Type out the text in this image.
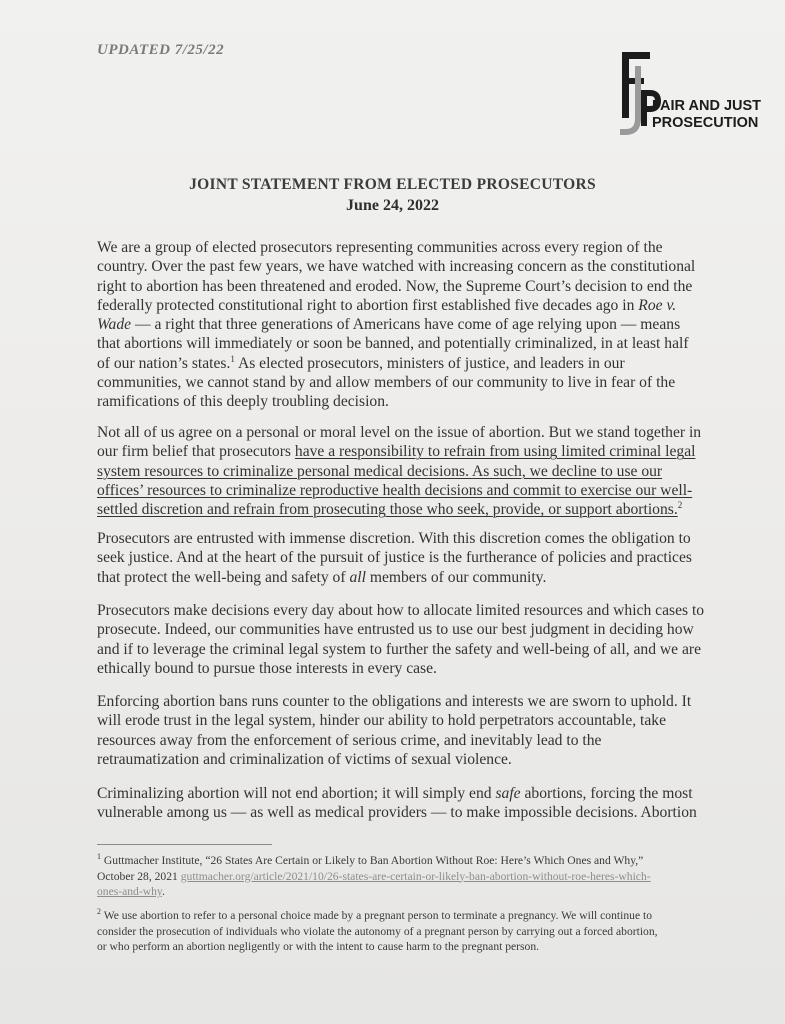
UPDATED 7/25/22
FAIR AND JUST
PROSECUTION
JOINT STATEMENT FROM ELECTED PROSECUTORS
June 24, 2022
We are a group of elected prosecutors representing communities across every region of the
country. Over the past few years, we have watched with increasing concern as the constitutional
right to abortion has been threatened and eroded. Now, the Supreme Court’s decision to end the
federally protected constitutional right to abortion first established five decades ago in Roe v.
Wade — a right that three generations of Americans have come of age relying upon — means
that abortions will immediately or soon be banned, and potentially criminalized, in at least half
of our nation’s states.$^1$ As elected prosecutors, ministers of justice, and leaders in our
communities, we cannot stand by and allow members of our community to live in fear of the
ramifications of this deeply troubling decision.
Not all of us agree on a personal or moral level on the issue of abortion. But we stand together in
our firm belief that prosecutors have a responsibility to refrain from using limited criminal legal
system resources to criminalize personal medical decisions. As such, we decline to use our
offices’ resources to criminalize reproductive health decisions and commit to exercise our well-
settled discretion and refrain from prosecuting those who seek, provide, or support abortions.$^2$
Prosecutors are entrusted with immense discretion. With this discretion comes the obligation to
seek justice. And at the heart of the pursuit of justice is the furtherance of policies and practices
that protect the well-being and safety of all members of our community.
Prosecutors make decisions every day about how to allocate limited resources and which cases to
prosecute. Indeed, our communities have entrusted us to use our best judgment in deciding how
and if to leverage the criminal legal system to further the safety and well-being of all, and we are
ethically bound to pursue those interests in every case.
Enforcing abortion bans runs counter to the obligations and interests we are sworn to uphold. It
will erode trust in the legal system, hinder our ability to hold perpetrators accountable, take
resources away from the enforcement of serious crime, and inevitably lead to the
retraumatization and criminalization of victims of sexual violence.
Criminalizing abortion will not end abortion; it will simply end safe abortions, forcing the most
vulnerable among us — as well as medical providers — to make impossible decisions. Abortion
$^1$ Guttmacher Institute, “26 States Are Certain or Likely to Ban Abortion Without Roe: Here’s Which Ones and Why,”
October 28, 2021 guttmacher.org/article/2021/10/26-states-are-certain-or-likely-ban-abortion-without-roe-heres-which-
ones-and-why.
$^2$ We use abortion to refer to a personal choice made by a pregnant person to terminate a pregnancy. We will continue to
consider the prosecution of individuals who violate the autonomy of a pregnant person by carrying out a forced abortion,
or who perform an abortion negligently or with the intent to cause harm to the pregnant person.
